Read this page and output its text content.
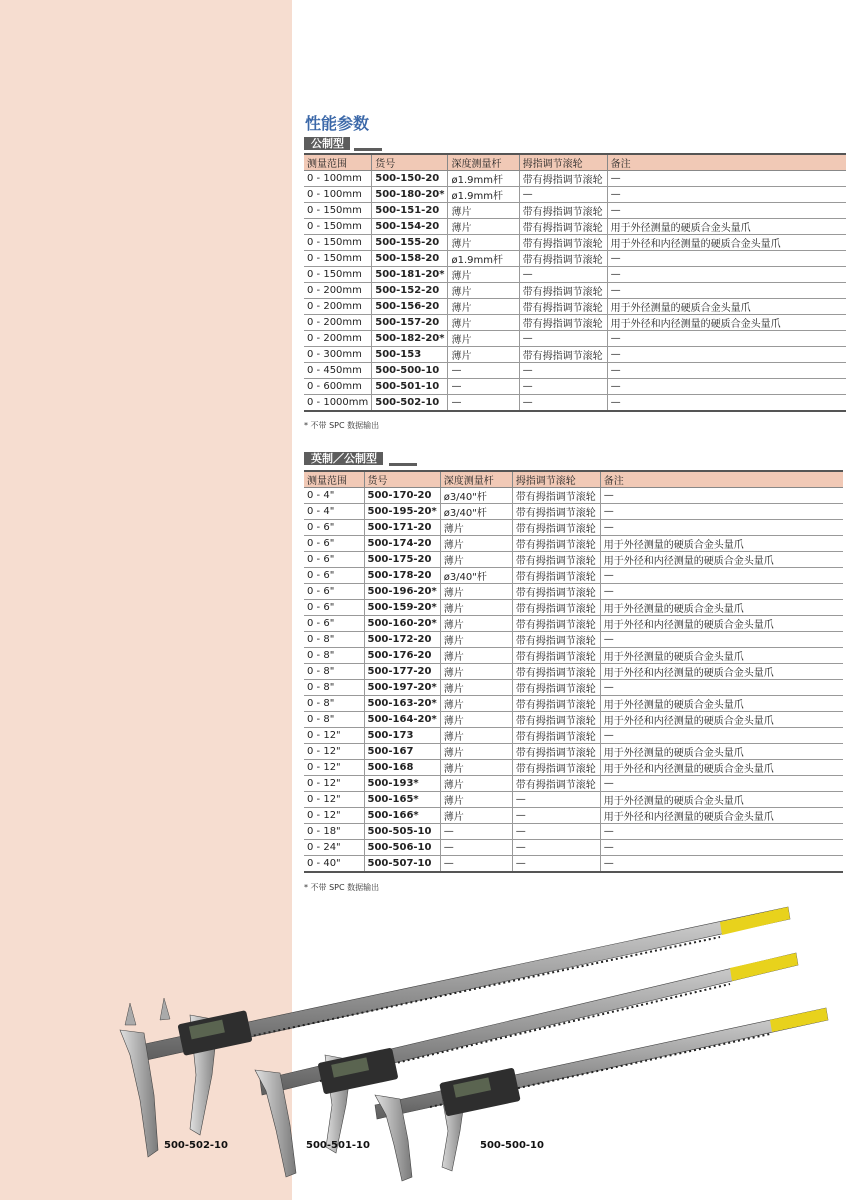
性能参数
公制型
测量范围	货号	深度测量杆	拇指调节滚轮	备注
0 - 100mm	500-150-20	ø1.9mm杆	带有拇指调节滚轮	—
0 - 100mm	500-180-20*	ø1.9mm杆	—	—
0 - 150mm	500-151-20	薄片	带有拇指调节滚轮	—
0 - 150mm	500-154-20	薄片	带有拇指调节滚轮	用于外径测量的硬质合金头量爪
0 - 150mm	500-155-20	薄片	带有拇指调节滚轮	用于外径和内径测量的硬质合金头量爪
0 - 150mm	500-158-20	ø1.9mm杆	带有拇指调节滚轮	—
0 - 150mm	500-181-20*	薄片	—	—
0 - 200mm	500-152-20	薄片	带有拇指调节滚轮	—
0 - 200mm	500-156-20	薄片	带有拇指调节滚轮	用于外径测量的硬质合金头量爪
0 - 200mm	500-157-20	薄片	带有拇指调节滚轮	用于外径和内径测量的硬质合金头量爪
0 - 200mm	500-182-20*	薄片	—	—
0 - 300mm	500-153	薄片	带有拇指调节滚轮	—
0 - 450mm	500-500-10	—	—	—
0 - 600mm	500-501-10	—	—	—
0 - 1000mm	500-502-10	—	—	—
* 不带 SPC 数据输出
英制／公制型
测量范围	货号	深度测量杆	拇指调节滚轮	备注
0 - 4"	500-170-20	ø3/40"杆	带有拇指调节滚轮	—
0 - 4"	500-195-20*	ø3/40"杆	带有拇指调节滚轮	—
0 - 6"	500-171-20	薄片	带有拇指调节滚轮	—
0 - 6"	500-174-20	薄片	带有拇指调节滚轮	用于外径测量的硬质合金头量爪
0 - 6"	500-175-20	薄片	带有拇指调节滚轮	用于外径和内径测量的硬质合金头量爪
0 - 6"	500-178-20	ø3/40"杆	带有拇指调节滚轮	—
0 - 6"	500-196-20*	薄片	带有拇指调节滚轮	—
0 - 6"	500-159-20*	薄片	带有拇指调节滚轮	用于外径测量的硬质合金头量爪
0 - 6"	500-160-20*	薄片	带有拇指调节滚轮	用于外径和内径测量的硬质合金头量爪
0 - 8"	500-172-20	薄片	带有拇指调节滚轮	—
0 - 8"	500-176-20	薄片	带有拇指调节滚轮	用于外径测量的硬质合金头量爪
0 - 8"	500-177-20	薄片	带有拇指调节滚轮	用于外径和内径测量的硬质合金头量爪
0 - 8"	500-197-20*	薄片	带有拇指调节滚轮	—
0 - 8"	500-163-20*	薄片	带有拇指调节滚轮	用于外径测量的硬质合金头量爪
0 - 8"	500-164-20*	薄片	带有拇指调节滚轮	用于外径和内径测量的硬质合金头量爪
0 - 12"	500-173	薄片	带有拇指调节滚轮	—
0 - 12"	500-167	薄片	带有拇指调节滚轮	用于外径测量的硬质合金头量爪
0 - 12"	500-168	薄片	带有拇指调节滚轮	用于外径和内径测量的硬质合金头量爪
0 - 12"	500-193*	薄片	带有拇指调节滚轮	—
0 - 12"	500-165*	薄片	—	用于外径测量的硬质合金头量爪
0 - 12"	500-166*	薄片	—	用于外径和内径测量的硬质合金头量爪
0 - 18"	500-505-10	—	—	—
0 - 24"	500-506-10	—	—	—
0 - 40"	500-507-10	—	—	—
* 不带 SPC 数据输出
500-502-10	500-501-10	500-500-10
